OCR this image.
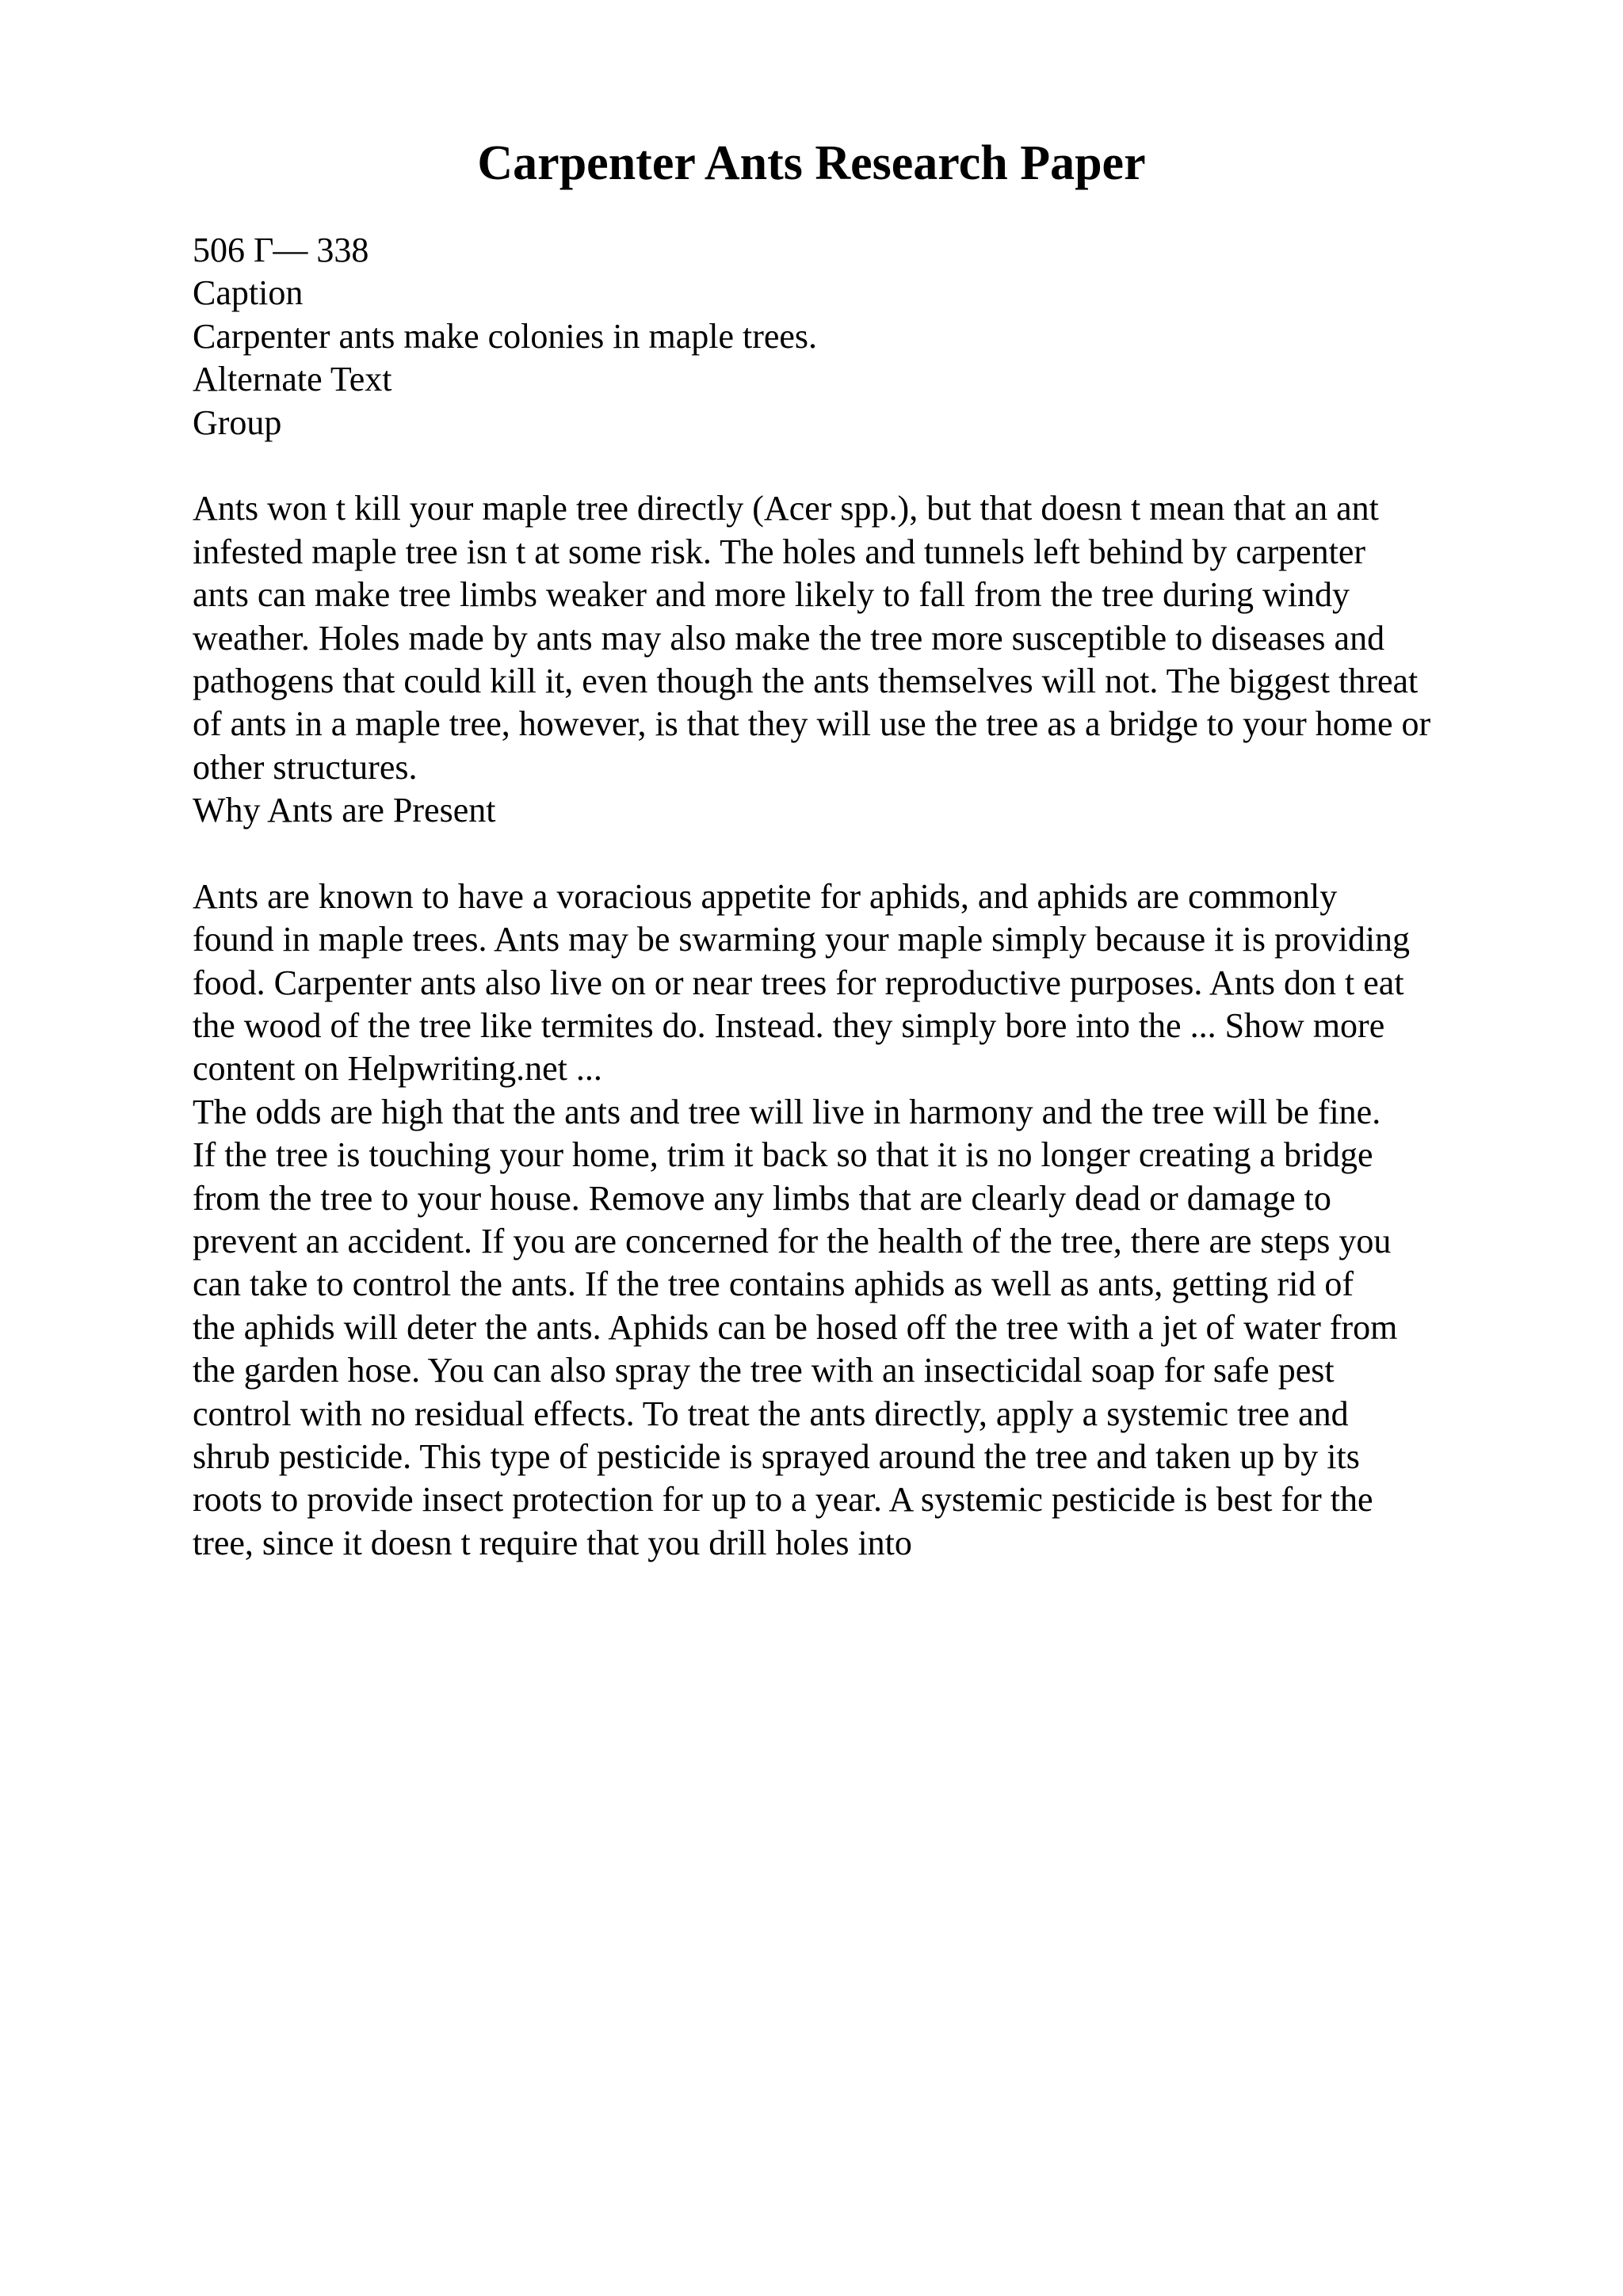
Carpenter Ants Research Paper
506 Г— 338
Caption
Carpenter ants make colonies in maple trees.
Alternate Text
Group
Ants won t kill your maple tree directly (Acer spp.), but that doesn t mean that an ant
infested maple tree isn t at some risk. The holes and tunnels left behind by carpenter
ants can make tree limbs weaker and more likely to fall from the tree during windy
weather. Holes made by ants may also make the tree more susceptible to diseases and
pathogens that could kill it, even though the ants themselves will not. The biggest threat
of ants in a maple tree, however, is that they will use the tree as a bridge to your home or
other structures.
Why Ants are Present
Ants are known to have a voracious appetite for aphids, and aphids are commonly
found in maple trees. Ants may be swarming your maple simply because it is providing
food. Carpenter ants also live on or near trees for reproductive purposes. Ants don t eat
the wood of the tree like termites do. Instead. they simply bore into the ... Show more
content on Helpwriting.net ...
The odds are high that the ants and tree will live in harmony and the tree will be fine.
If the tree is touching your home, trim it back so that it is no longer creating a bridge
from the tree to your house. Remove any limbs that are clearly dead or damage to
prevent an accident. If you are concerned for the health of the tree, there are steps you
can take to control the ants. If the tree contains aphids as well as ants, getting rid of
the aphids will deter the ants. Aphids can be hosed off the tree with a jet of water from
the garden hose. You can also spray the tree with an insecticidal soap for safe pest
control with no residual effects. To treat the ants directly, apply a systemic tree and
shrub pesticide. This type of pesticide is sprayed around the tree and taken up by its
roots to provide insect protection for up to a year. A systemic pesticide is best for the
tree, since it doesn t require that you drill holes into
